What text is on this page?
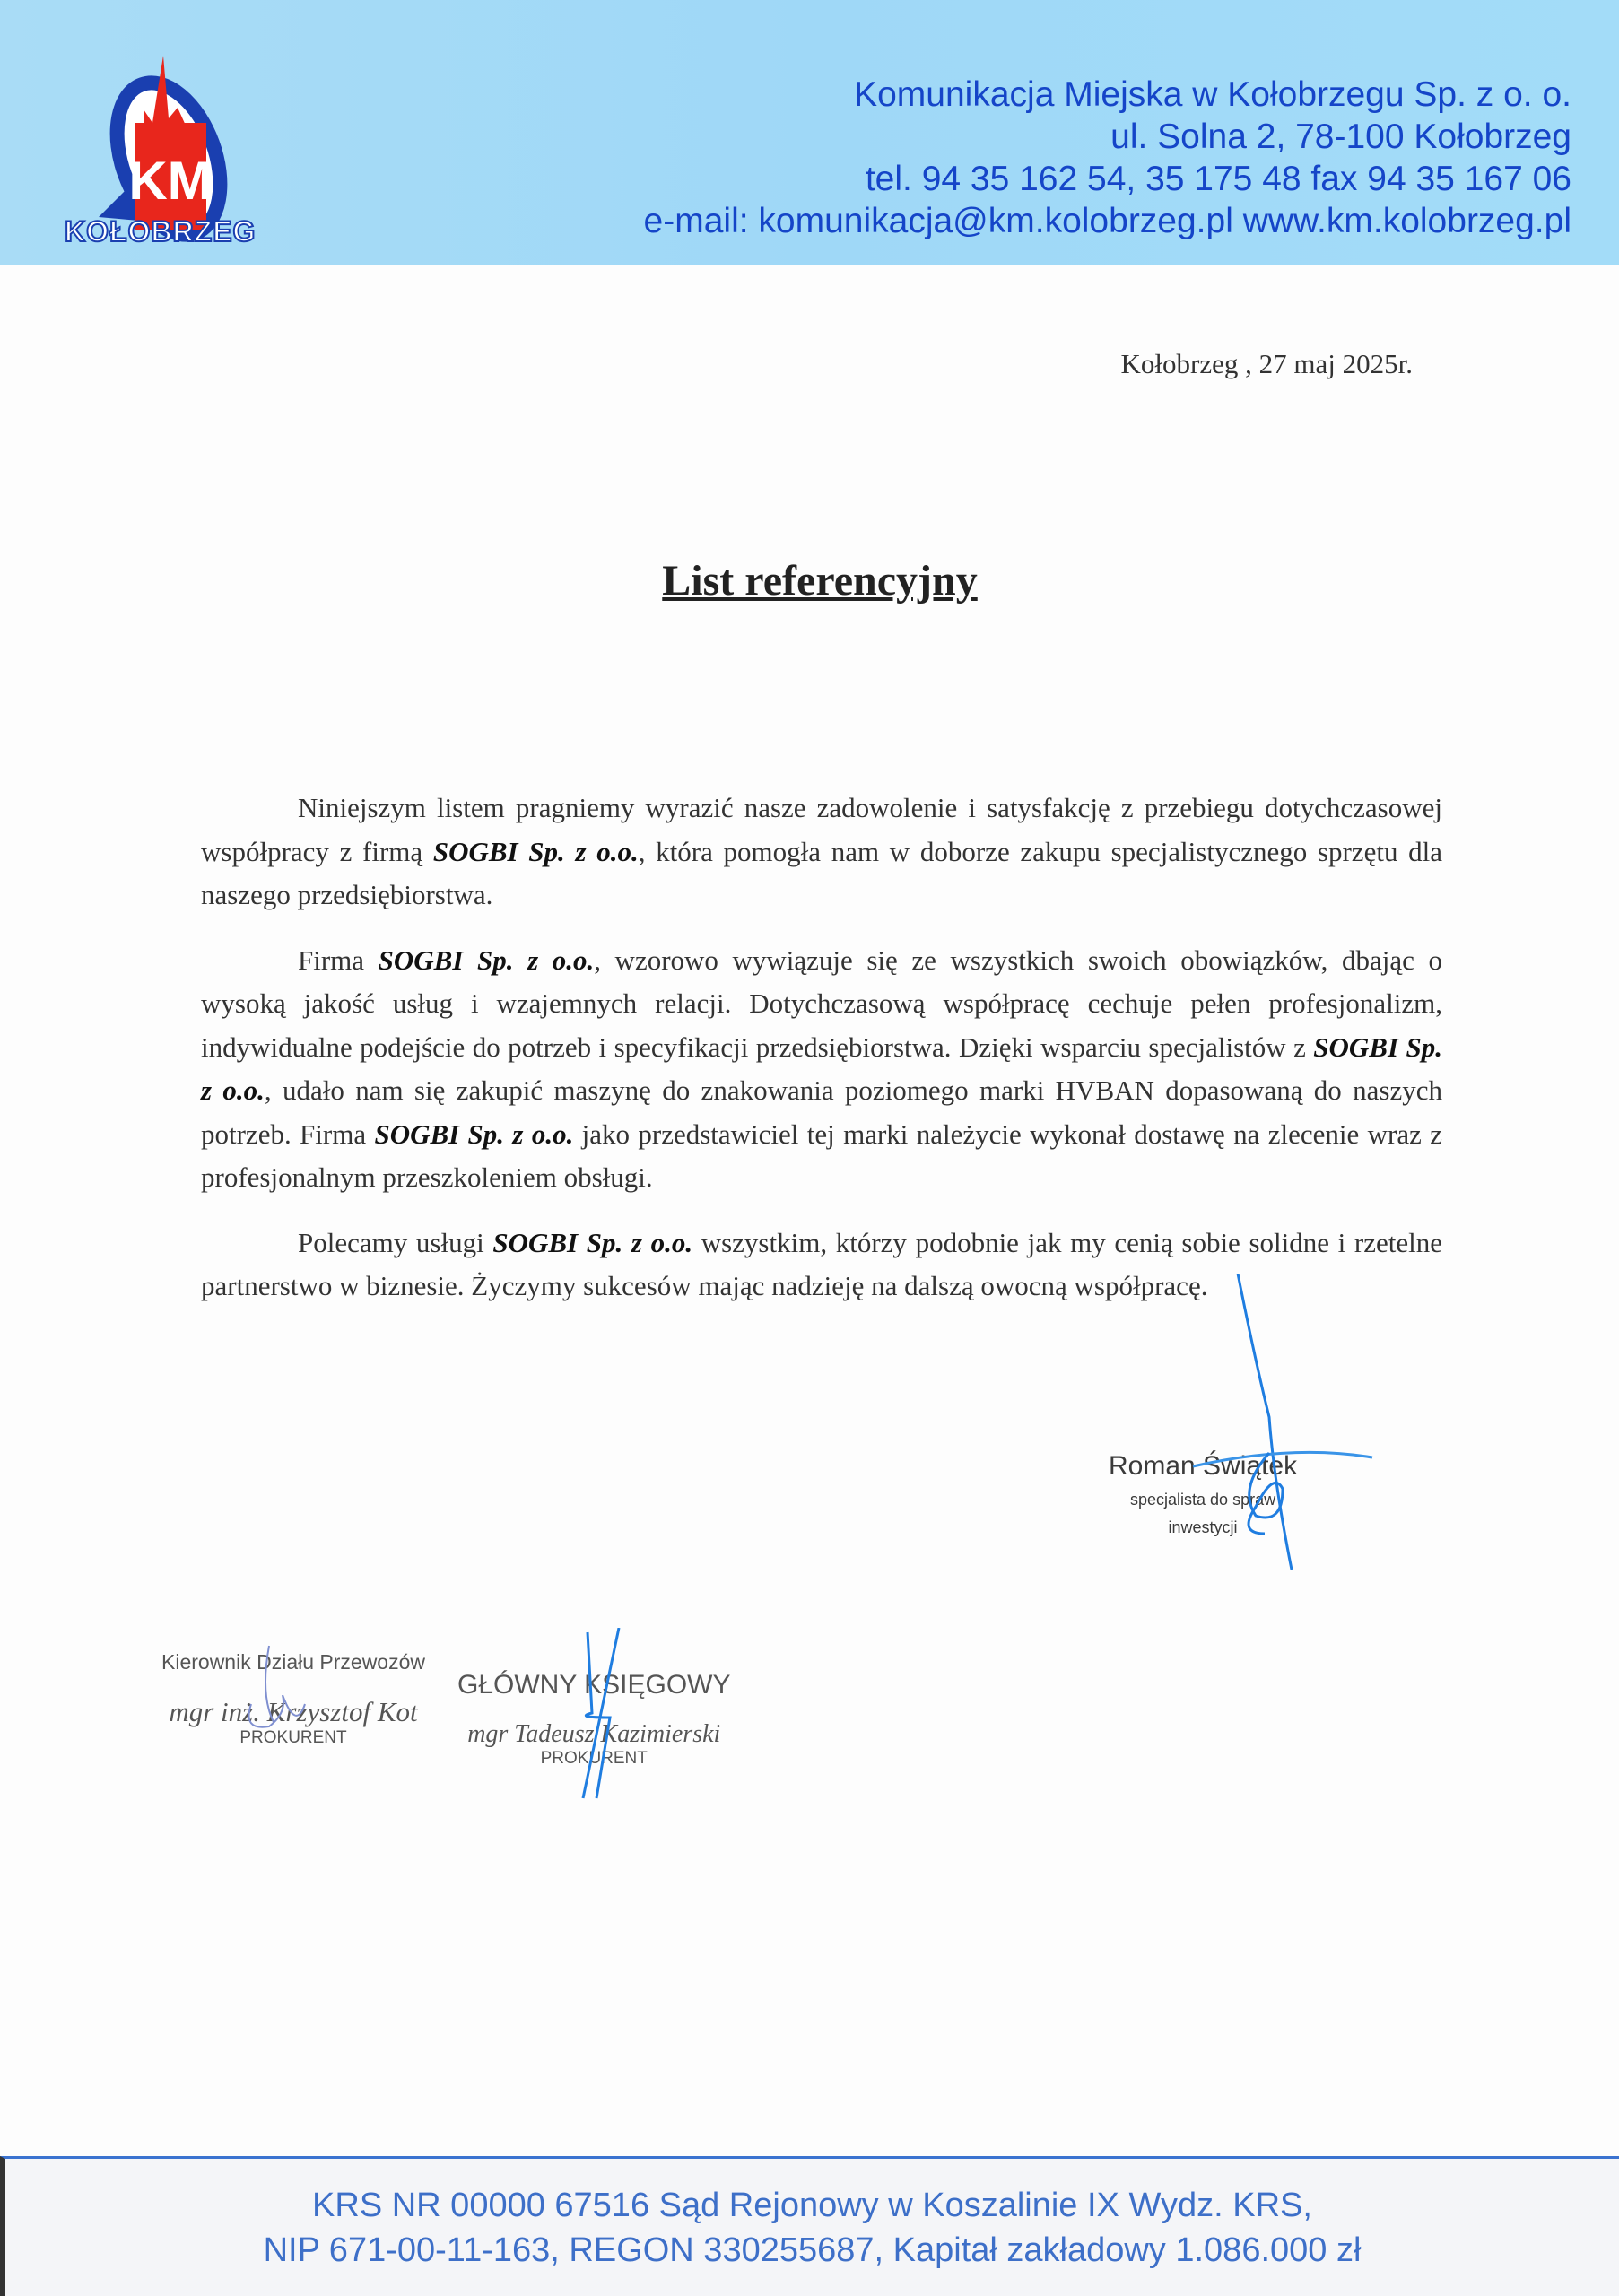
KM
KOŁOBRZEG
Komunikacja Miejska w Kołobrzegu Sp. z o. o.
ul. Solna 2, 78-100 Kołobrzeg
tel. 94 35 162 54, 35 175 48 fax 94 35 167 06
e-mail: komunikacja@km.kolobrzeg.pl www.km.kolobrzeg.pl
Kołobrzeg , 27 maj 2025r.
List referencyjny

Niniejszym listem pragniemy wyrazić nasze zadowolenie i satysfakcję z przebiegu dotychczasowej współpracy z firmą SOGBI Sp. z o.o., która pomogła nam w doborze zakupu specjalistycznego sprzętu dla naszego przedsiębiorstwa.

Firma SOGBI Sp. z o.o., wzorowo wywiązuje się ze wszystkich swoich obowiązków, dbając o wysoką jakość usług i wzajemnych relacji. Dotychczasową współpracę cechuje pełen profesjonalizm, indywidualne podejście do potrzeb i specyfikacji przedsiębiorstwa. Dzięki wsparciu specjalistów z SOGBI Sp. z o.o., udało nam się zakupić maszynę do znakowania poziomego marki HVBAN dopasowaną do naszych potrzeb. Firma SOGBI Sp. z o.o. jako przedstawiciel tej marki należycie wykonał dostawę na zlecenie wraz z profesjonalnym przeszkoleniem obsługi.

Polecamy usługi SOGBI Sp. z o.o. wszystkim, którzy podobnie jak my cenią sobie solidne i rzetelne partnerstwo w biznesie. Życzymy sukcesów mając nadzieję na dalszą owocną współpracę.

Roman Świątek
specjalista do spraw
inwestycji
Kierownik Działu Przewozów
mgr inż. Krzysztof Kot
PROKURENT
GŁÓWNY KSIĘGOWY
mgr Tadeusz Kazimierski
PROKURENT
KRS NR 00000 67516 Sąd Rejonowy w Koszalinie IX Wydz. KRS,
NIP 671-00-11-163, REGON 330255687, Kapitał zakładowy 1.086.000 zł
